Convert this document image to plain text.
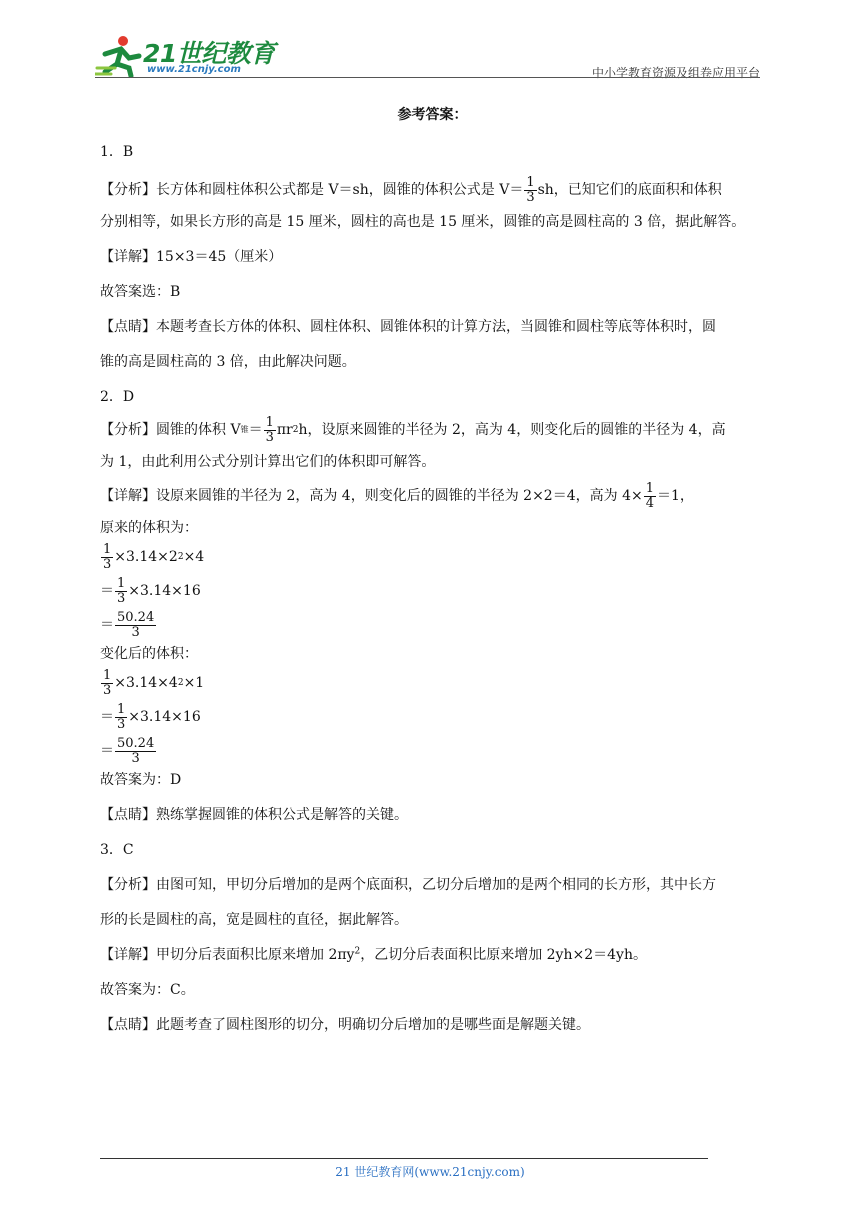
21世纪教育
www.21cnjy.com	中小学教育资源及组卷应用平台
参考答案：

1．B

【分析】长方体和圆柱体积公式都是 V＝sh，圆锥的体积公式是 $V= \frac{1}{3}$ sh，已知它们的底面积和体积

分别相等，如果长方形的高是 15 厘米，圆柱的高也是 15 厘米，圆锥的高是圆柱高的 3 倍，据此解答。

【详解】15×3＝45（厘米）

故答案选：B

【点睛】本题考查长方体的体积、圆柱体积、圆锥体积的计算方法，当圆锥和圆柱等底等体积时，圆

锥的高是圆柱高的 3 倍，由此解决问题。

2．D

【分析】圆锥的体积 V 锥 ＝ $\frac{1}{3}$ πr 2 h，设原来圆锥的半径为 2，高为 4，则变化后的圆锥的半径为 4，高

为 1，由此利用公式分别计算出它们的体积即可解答。

【详解】设原来圆锥的半径为 2，高为 4，则变化后的圆锥的半径为 2×2＝4，高为 $4\times \frac{1}{4} =1$，

原来的体积为：

$\frac{1}{3} \times 3.14\times 2$ 2 ×4
＝ $\frac{1}{3} \times 3.14\times 16$
＝ $\frac{50.24}{3}$

变化后的体积：

$\frac{1}{3} \times 3.14\times 4$ 2 ×1
＝ $\frac{1}{3} \times 3.14\times 16$
＝ $\frac{50.24}{3}$

故答案为：D

【点睛】熟练掌握圆锥的体积公式是解答的关键。

3．C

【分析】由图可知，甲切分后增加的是两个底面积，乙切分后增加的是两个相同的长方形，其中长方

形的长是圆柱的高，宽是圆柱的直径，据此解答。

【详解】甲切分后表面积比原来增加 $2\pi y^2$，乙切分后表面积比原来增加 2yh×2＝4yh。

故答案为：C。

【点睛】此题考查了圆柱图形的切分，明确切分后增加的是哪些面是解题关键。

21 世纪教育网(www.21cnjy.com)
